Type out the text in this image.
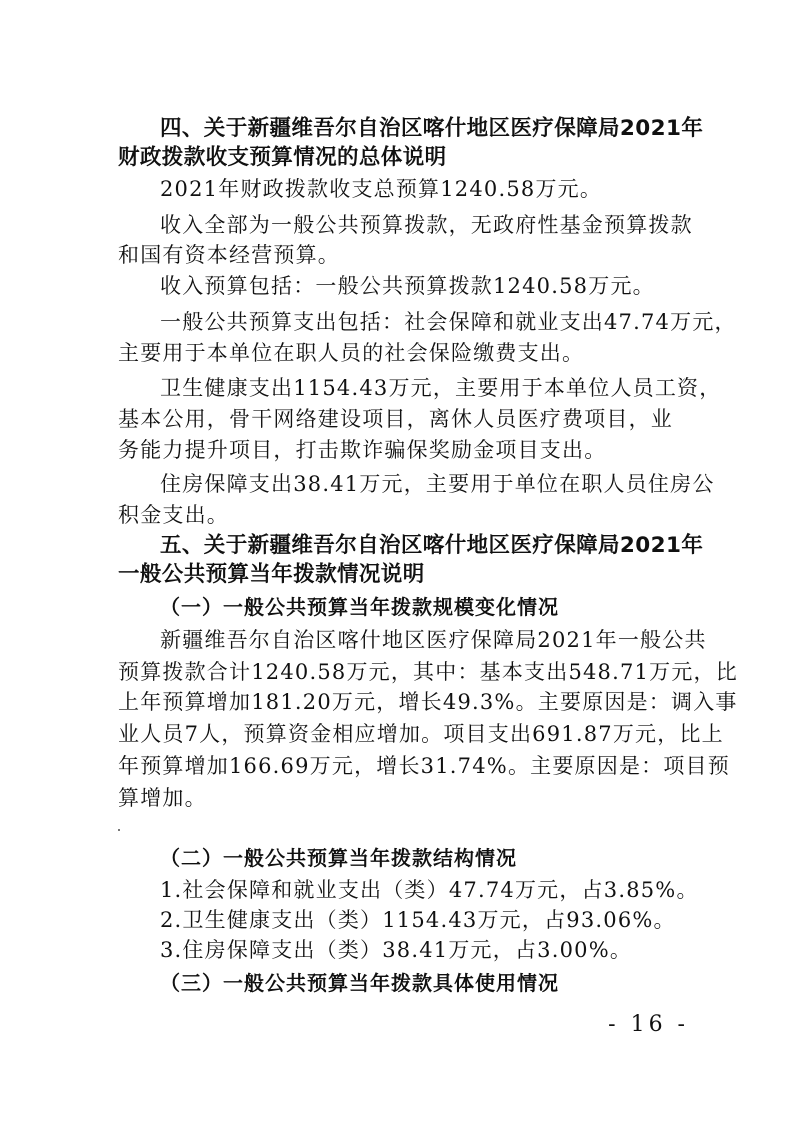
四、关于新疆维吾尔自治区喀什地区医疗保障局2021年
财政拨款收支预算情况的总体说明
2021年财政拨款收支总预算1240.58万元。
收入全部为一般公共预算拨款，无政府性基金预算拨款
和国有资本经营预算。
收入预算包括：一般公共预算拨款1240.58万元。
一般公共预算支出包括：社会保障和就业支出47.74万元，
主要用于本单位在职人员的社会保险缴费支出。
卫生健康支出1154.43万元，主要用于本单位人员工资，
基本公用，骨干网络建设项目，离休人员医疗费项目，业
务能力提升项目，打击欺诈骗保奖励金项目支出。
住房保障支出38.41万元，主要用于单位在职人员住房公
积金支出。
五、关于新疆维吾尔自治区喀什地区医疗保障局2021年
一般公共预算当年拨款情况说明
（一）一般公共预算当年拨款规模变化情况
新疆维吾尔自治区喀什地区医疗保障局2021年一般公共
预算拨款合计1240.58万元，其中：基本支出548.71万元，比
上年预算增加181.20万元，增长49.3%。主要原因是：调入事
业人员7人，预算资金相应增加。项目支出691.87万元，比上
年预算增加166.69万元，增长31.74%。主要原因是：项目预
算增加。
（二）一般公共预算当年拨款结构情况
1.社会保障和就业支出（类）47.74万元，占3.85%。
2.卫生健康支出（类）1154.43万元，占93.06%。
3.住房保障支出（类）38.41万元，占3.00%。
（三）一般公共预算当年拨款具体使用情况
- 16 -
